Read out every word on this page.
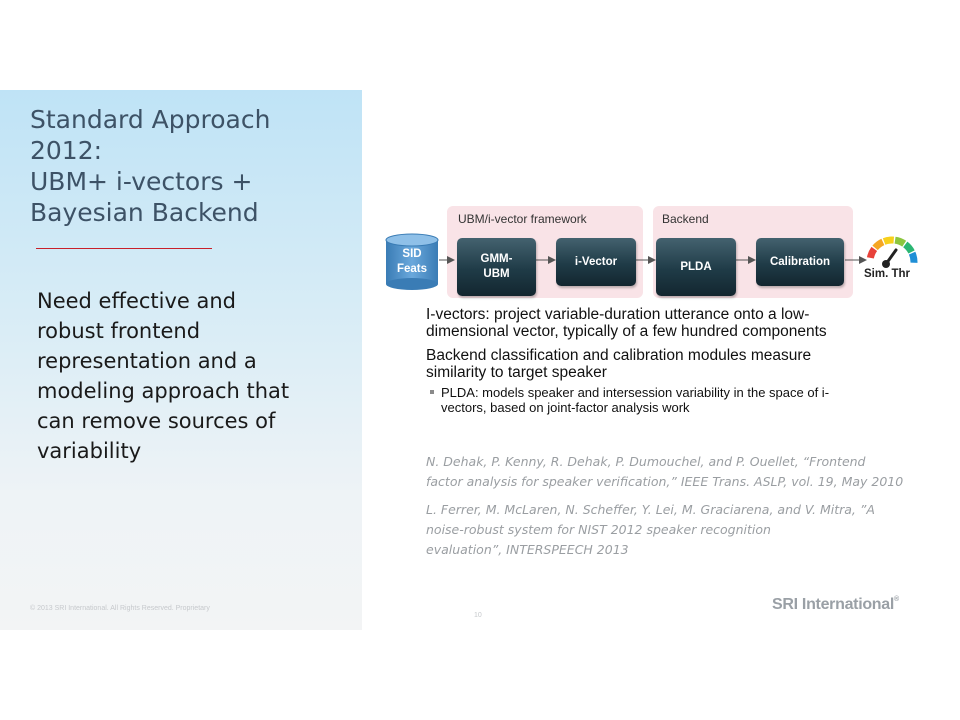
Standard Approach
2012:
UBM+ i-vectors +
Bayesian Backend

Need effective and
robust frontend
representation and a
modeling approach that
can remove sources of
variability

© 2013 SRI International. All Rights Reserved. Proprietary
UBM/i-vector framework	Backend
SID
Feats
GMM-
UBM
i-Vector	PLDA	Calibration
Sim. Thr

I-vectors: project variable-duration utterance onto a low-
dimensional vector, typically of a few hundred components

Backend classification and calibration modules measure
similarity to target speaker

PLDA: models speaker and intersession variability in the space of i-
vectors, based on joint-factor analysis work

N. Dehak, P. Kenny, R. Dehak, P. Dumouchel, and P. Ouellet, “Frontend
factor analysis for speaker verification,” IEEE Trans. ASLP, vol. 19, May 2010

L. Ferrer, M. McLaren, N. Scheffer, Y. Lei, M. Graciarena, and V. Mitra, ”A
noise-robust system for NIST 2012 speaker recognition
evaluation”, INTERSPEECH 2013

10
SRI International®
